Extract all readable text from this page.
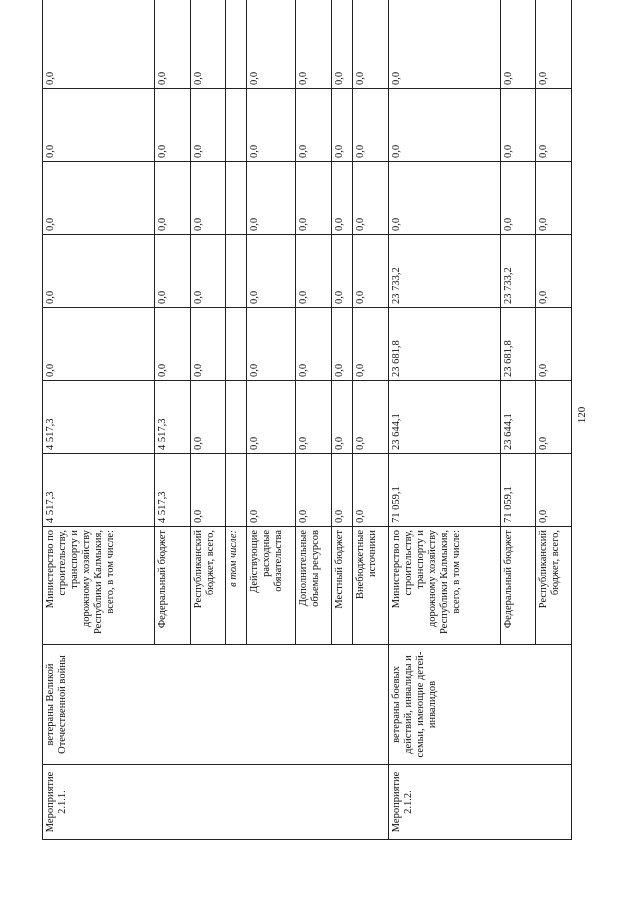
Мероприятие 2.1.1.	ветераны Великой Отечественной войны	Министерство по строительству, транспорту и дорожному хозяйству Республики Калмыкия, всего, в том числе:	4 517,3	4 517,3	0,0	0,0	0,0	0,0	0,0
		Федеральный бюджет	4 517,3	4 517,3	0,0	0,0	0,0	0,0	0,0
		Республиканский бюджет, всего,	0,0	0,0	0,0	0,0	0,0	0,0	0,0
		в том числе:							
		Действующие расходные обязательства	0,0	0,0	0,0	0,0	0,0	0,0	0,0
		Дополнительные объемы ресурсов	0,0	0,0	0,0	0,0	0,0	0,0	0,0
		Местный бюджет	0,0	0,0	0,0	0,0	0,0	0,0	0,0
		Внебюджетные источники	0,0	0,0	0,0	0,0	0,0	0,0	0,0
Мероприятие 2.1.2.	ветераны боевых действий, инвалиды и семьи, имеющие детей-инвалидов	Министерство по строительству, транспорту и дорожному хозяйству Республики Калмыкия, всего, в том числе:	71 059,1	23 644,1	23 681,8	23 733,2	0,0	0,0	0,0
		Федеральный бюджет	71 059,1	23 644,1	23 681,8	23 733,2	0,0	0,0	0,0
		Республиканский бюджет, всего,	0,0	0,0	0,0	0,0	0,0	0,0	0,0
120
